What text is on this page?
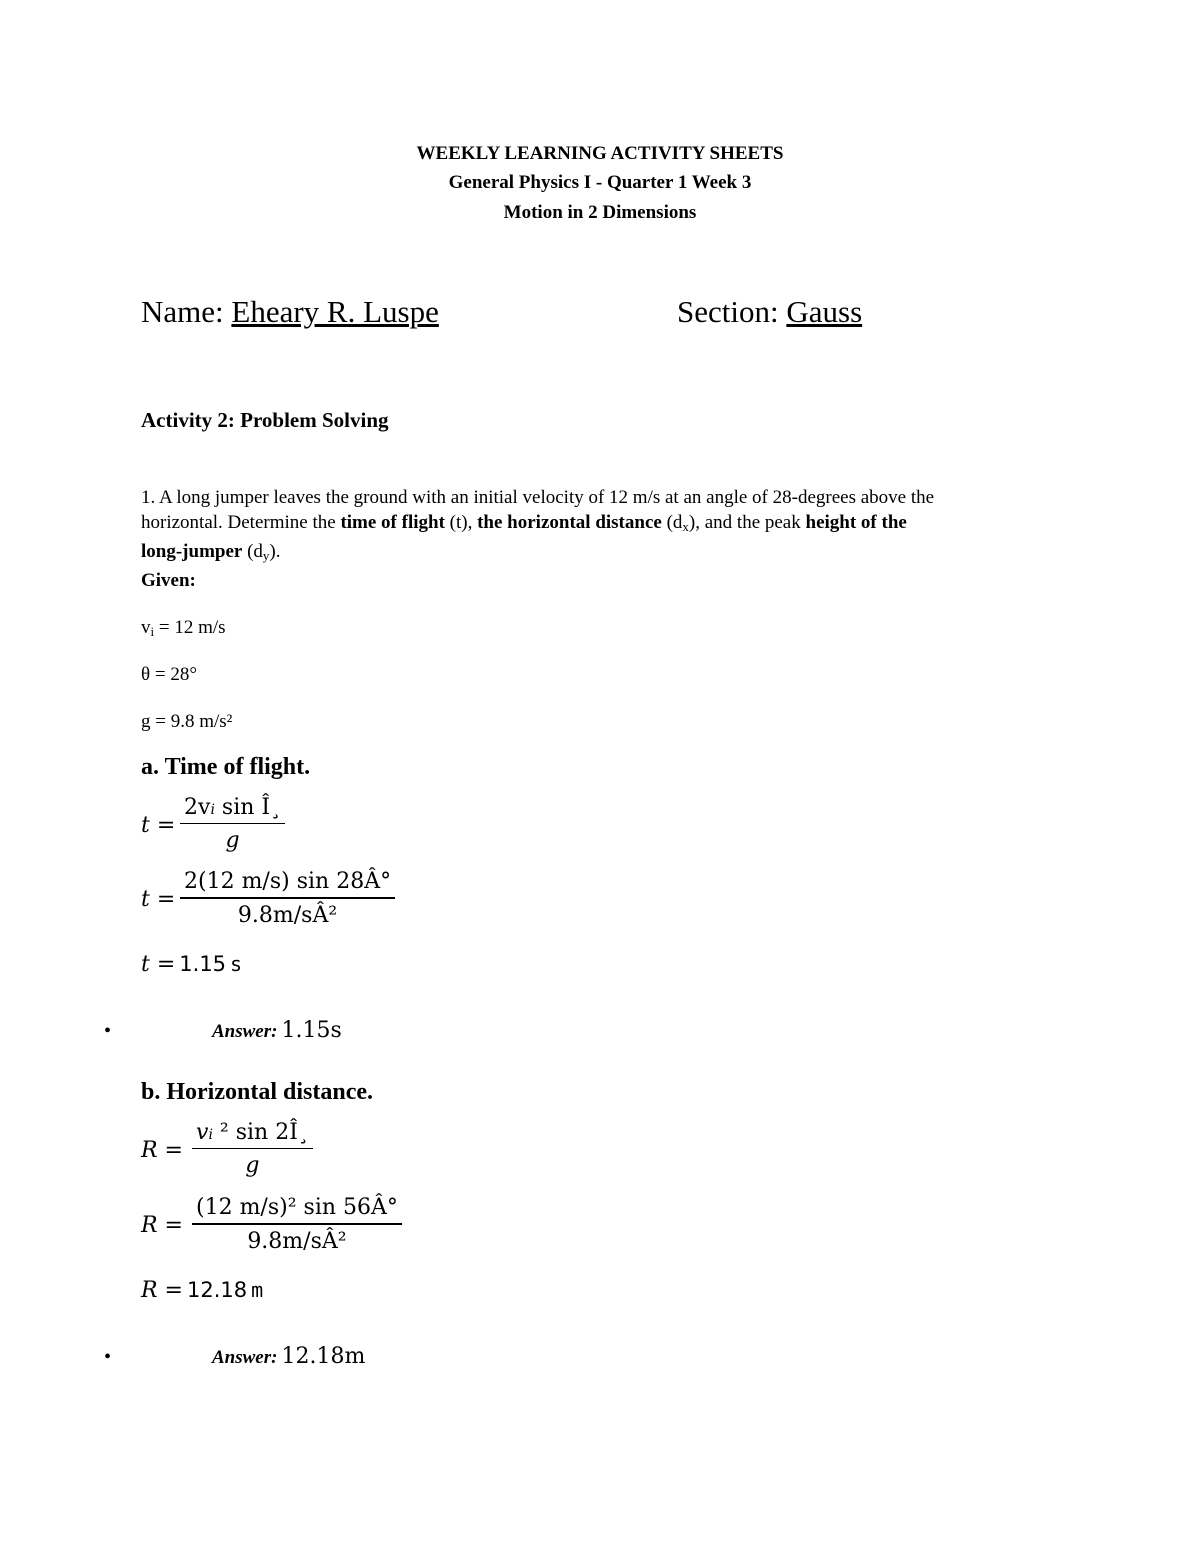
WEEKLY LEARNING ACTIVITY SHEETS
General Physics I - Quarter 1 Week 3
Motion in 2 Dimensions
Name: Eheary R. Luspe	Section: Gauss
Activity 2: Problem Solving
1. A long jumper leaves the ground with an initial velocity of 12 m/s at an angle of 28-degrees above the
horizontal. Determine the time of flight (t), the horizontal distance $(d_x)$, and the peak height of the
long-jumper $(d_y)$.
Given:
$v_i = 12$ m/s
θ = 28°
g = 9.8 m/s²
a. Time of flight.
$t = \frac{\text{2vi sin Î¸}}{g}$
$t = \frac{2(12 m/s) \sin 28Â^\circ}{\text{9.8m/sÂ²}}$
t = 1.15 s
•	Answer: 1.15s
b. Horizontal distance.
$R = \frac{\text{vi ² sin 2Î¸}}{g}$
$R = \frac{\text{(12 m/s)² sin 56Â°}}{\text{9.8m/sÂ²}}$
R = 12.18 m
•	Answer: 12.18m
